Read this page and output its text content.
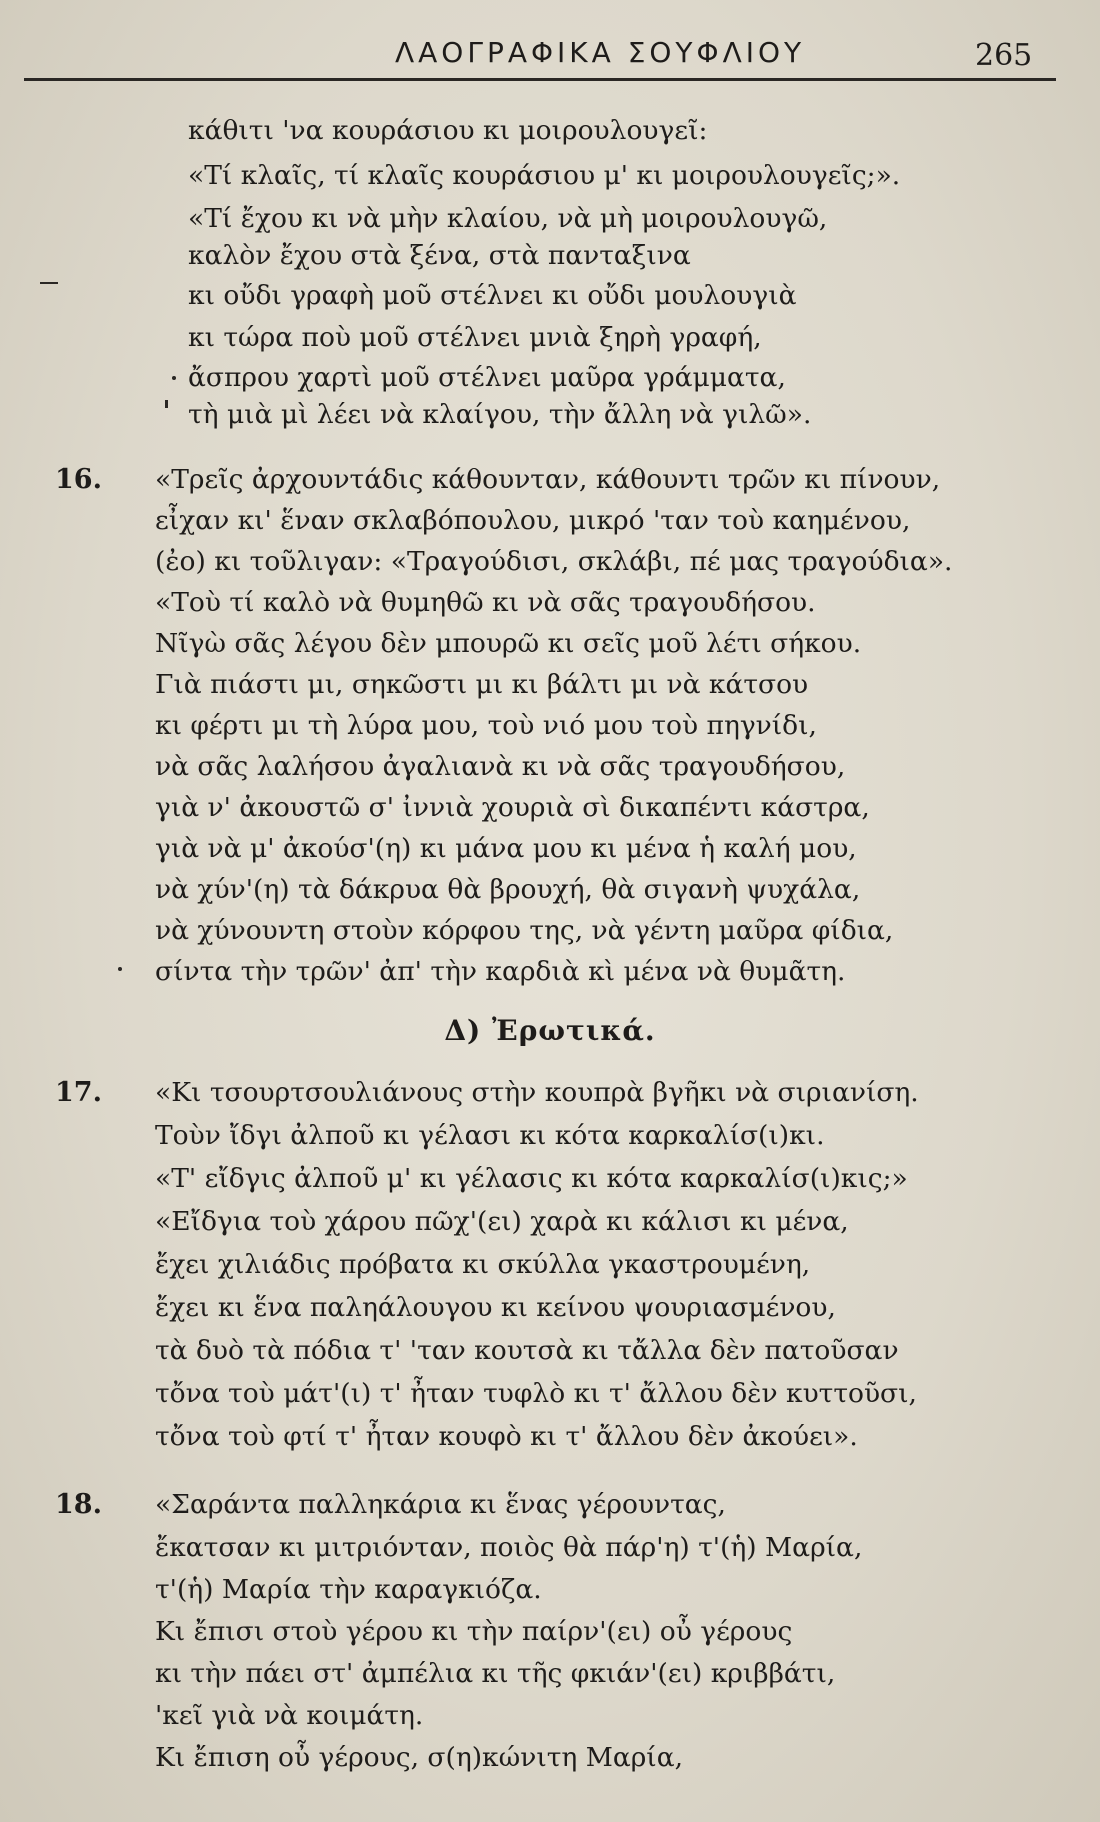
ΛΑΟΓΡΑΦΙΚΑ ΣΟΥΦΛΙΟΥ	265
κάθιτι 'να κουράσιου κι μοιρουλουγεῖ:
«Τί κλαῖς, τί κλαῖς κουράσιου μ' κι μοιρουλουγεῖς;».
«Τί ἔχου κι νὰ μὴν κλαίου, νὰ μὴ μοιρουλουγῶ,
καλὸν ἔχου στὰ ξένα, στὰ πανταξινα
κι οὔδι γραφὴ μοῦ στέλνει κι οὔδι μουλουγιὰ
κι τώρα ποὺ μοῦ στέλνει μνιὰ ξηρὴ γραφή,
ἄσπρου χαρτὶ μοῦ στέλνει μαῦρα γράμματα,
τὴ μιὰ μὶ λέει νὰ κλαίγου, τὴν ἄλλη νὰ γιλῶ».
16. «Τρεῖς ἀρχουντάδις κάθουνταν, κάθουντι τρῶν κι πίνουν,
εἶχαν κι' ἕναν σκλαβόπουλου, μικρό 'ταν τοὺ καημένου,
(ἐο) κι τοῦλιγαν: «Τραγούδισι, σκλάβι, πέ μας τραγούδια».
«Τοὺ τί καλὸ νὰ θυμηθῶ κι νὰ σᾶς τραγουδήσου.
Νῖγὼ σᾶς λέγου δὲν μπουρῶ κι σεῖς μοῦ λέτι σήκου.
Γιὰ πιάστι μι, σηκῶστι μι κι βάλτι μι νὰ κάτσου
κι φέρτι μι τὴ λύρα μου, τοὺ νιό μου τοὺ πηγνίδι,
νὰ σᾶς λαλήσου ἀγαλιανὰ κι νὰ σᾶς τραγουδήσου,
γιὰ ν' ἀκουστῶ σ' ἰννιὰ χουριὰ σὶ δικαπέντι κάστρα,
γιὰ νὰ μ' ἀκούσ'(η) κι μάνα μου κι μένα ἡ καλή μου,
νὰ χύν'(η) τὰ δάκρυα θὰ βρουχή, θὰ σιγανὴ ψυχάλα,
νὰ χύνουντη στοὺν κόρφου της, νὰ γέντη μαῦρα φίδια,
σίντα τὴν τρῶν' ἀπ' τὴν καρδιὰ κὶ μένα νὰ θυμᾶτη.
Δ) Ἐρωτικά.
17. «Κι τσουρτσουλιάνους στὴν κουπρὰ βγῆκι νὰ σιριανίση.
Τοὺν ἴδγι ἀλποῦ κι γέλασι κι κότα καρκαλίσ(ι)κι.
«Τ' εἴδγις ἀλποῦ μ' κι γέλασις κι κότα καρκαλίσ(ι)κις;»
«Εἴδγια τοὺ χάρου πῶχ'(ει) χαρὰ κι κάλισι κι μένα,
ἔχει χιλιάδις πρόβατα κι σκύλλα γκαστρουμένη,
ἔχει κι ἕνα παληάλουγου κι κείνου ψουριασμένου,
τὰ δυὸ τὰ πόδια τ' 'ταν κουτσὰ κι τἄλλα δὲν πατοῦσαν
τὄνα τοὺ μάτ'(ι) τ' ἦταν τυφλὸ κι τ' ἄλλου δὲν κυττοῦσι,
τὄνα τοὺ φτί τ' ἦταν κουφὸ κι τ' ἄλλου δὲν ἀκούει».
18. «Σαράντα παλληκάρια κι ἕνας γέρουντας,
ἔκατσαν κι μιτριόνταν, ποιὸς θὰ πάρ'η) τ'(ἡ) Μαρία,
τ'(ἡ) Μαρία τὴν καραγκιόζα.
Κι ἔπισι στοὺ γέρου κι τὴν παίρν'(ει) οὖ γέρους
κι τὴν πάει στ' ἀμπέλια κι τῆς φκιάν'(ει) κριββάτι,
'κεῖ γιὰ νὰ κοιμάτη.
Κι ἔπιση οὖ γέρους, σ(η)κώνιτη Μαρία,
